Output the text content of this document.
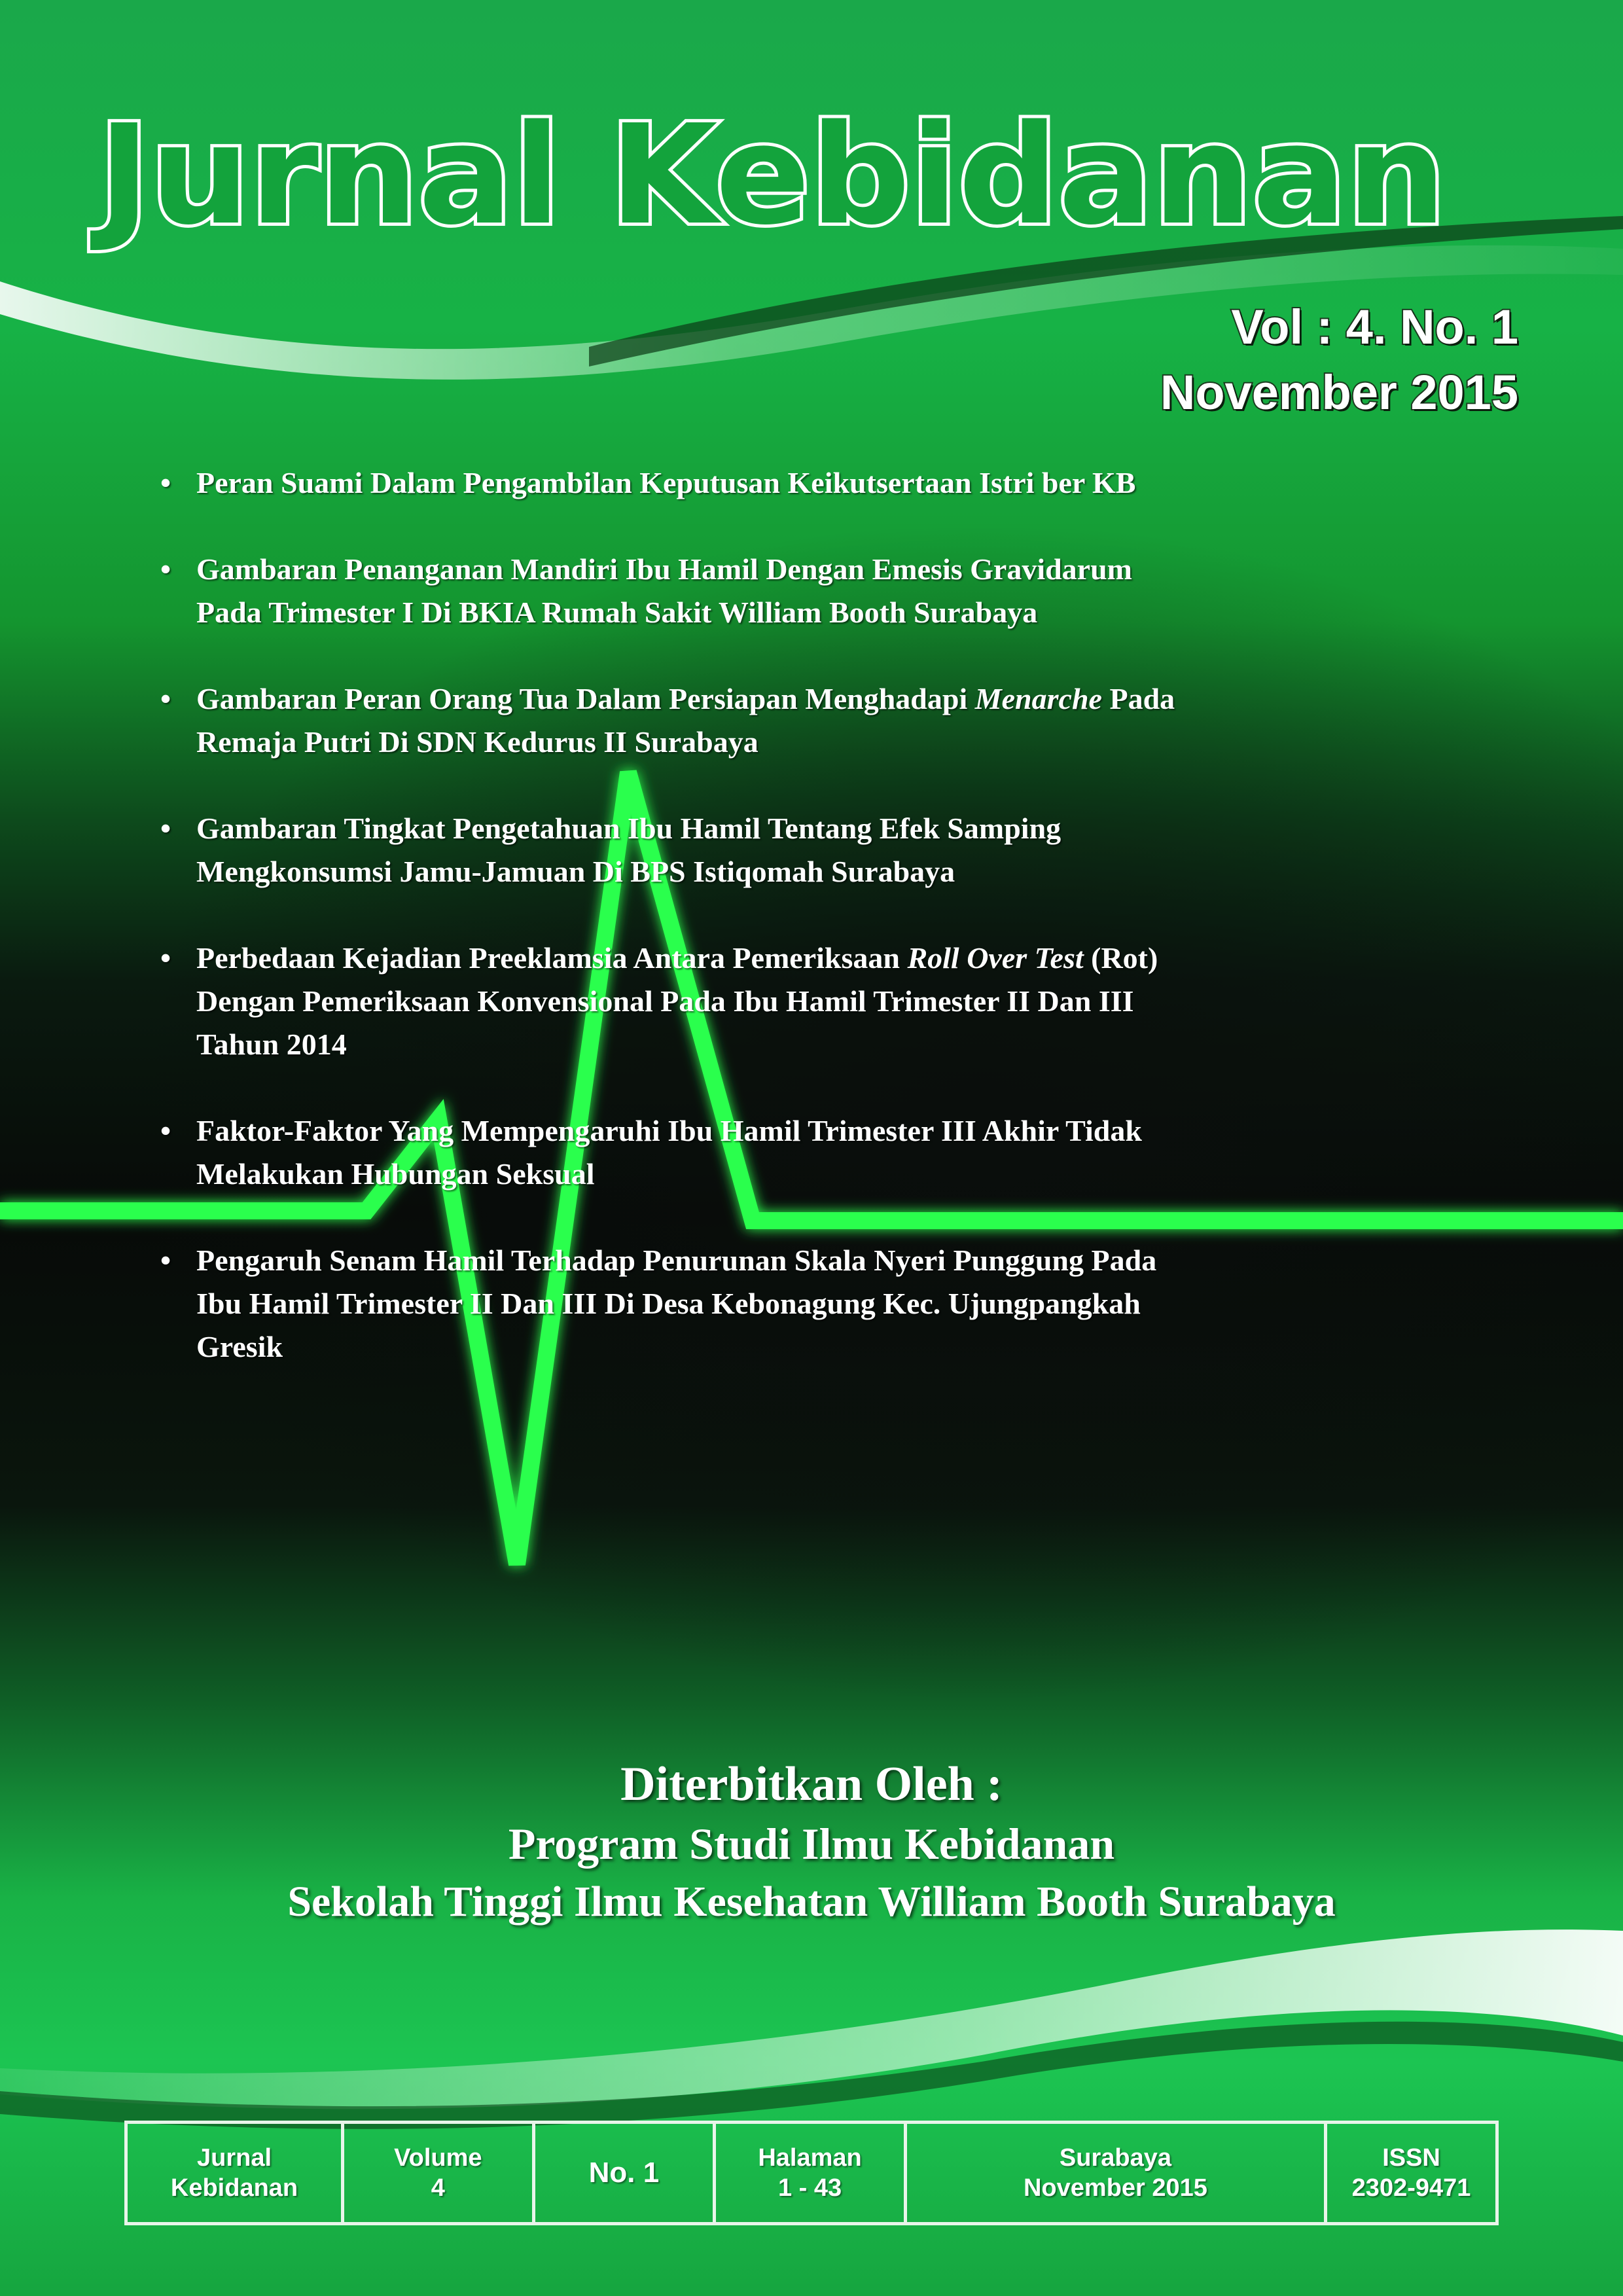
Jurnal Kebidanan
Vol : 4. No. 1
November 2015
• Peran Suami Dalam Pengambilan Keputusan Keikutsertaan Istri ber KB
• Gambaran Penanganan Mandiri Ibu Hamil Dengan Emesis Gravidarum
Pada Trimester I Di BKIA Rumah Sakit William Booth Surabaya
• Gambaran Peran Orang Tua Dalam Persiapan Menghadapi Menarche Pada
Remaja Putri Di SDN Kedurus II Surabaya
• Gambaran Tingkat Pengetahuan Ibu Hamil Tentang Efek Samping
Mengkonsumsi Jamu-Jamuan Di BPS Istiqomah Surabaya
• Perbedaan Kejadian Preeklamsia Antara Pemeriksaan Roll Over Test (Rot)
Dengan Pemeriksaan Konvensional Pada Ibu Hamil Trimester II Dan III
Tahun 2014
• Faktor-Faktor Yang Mempengaruhi Ibu Hamil Trimester III Akhir Tidak
Melakukan Hubungan Seksual
• Pengaruh Senam Hamil Terhadap Penurunan Skala Nyeri Punggung Pada
Ibu Hamil Trimester II Dan III Di Desa Kebonagung Kec. Ujungpangkah
Gresik
Diterbitkan Oleh :
Program Studi Ilmu Kebidanan
Sekolah Tinggi Ilmu Kesehatan William Booth Surabaya
Jurnal
Kebidanan
Volume
4	No. 1	Halaman
1 - 43
Surabaya
November 2015
ISSN
2302-9471
